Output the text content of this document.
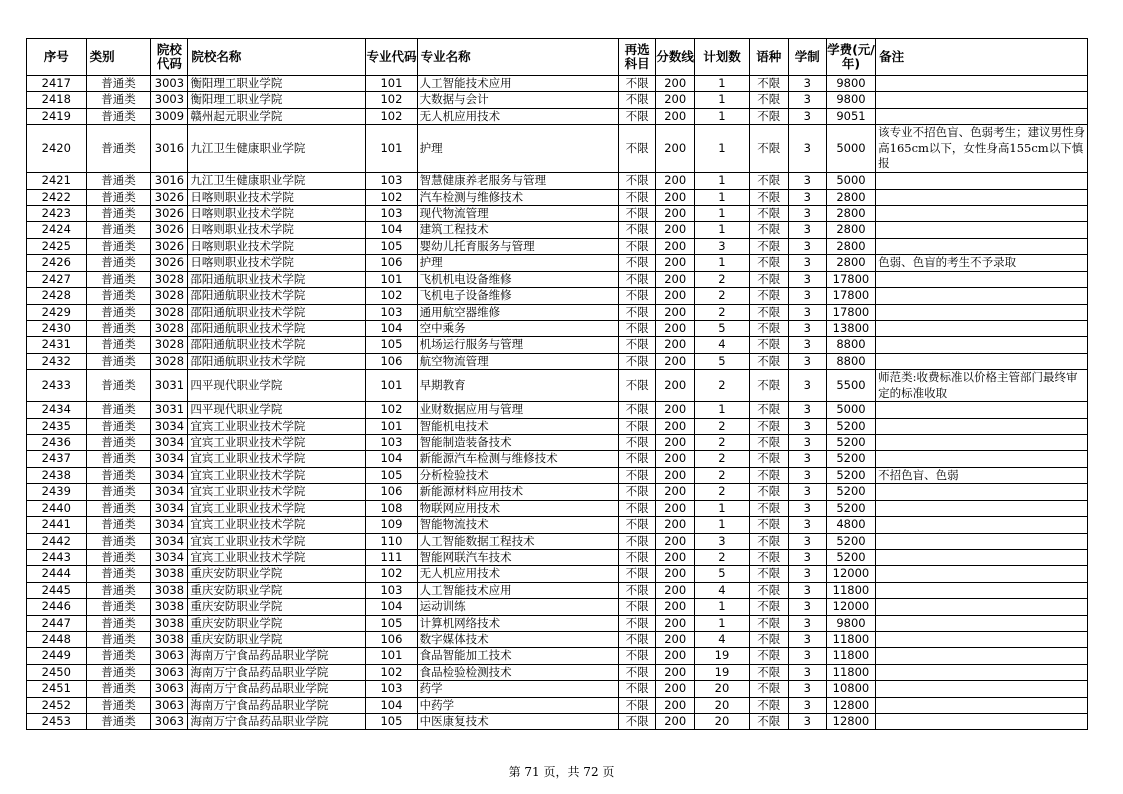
序号	类别	院校代码	院校名称	专业代码	专业名称	再选科目	分数线	计划数	语种	学制	学费(元/年)	备注
2417	普通类	3003	衡阳理工职业学院	101	人工智能技术应用	不限	200	1	不限	3	9800	
2418	普通类	3003	衡阳理工职业学院	102	大数据与会计	不限	200	1	不限	3	9800	
2419	普通类	3009	赣州起元职业学院	102	无人机应用技术	不限	200	1	不限	3	9051	
2420	普通类	3016	九江卫生健康职业学院	101	护理	不限	200	1	不限	3	5000	该专业不招色盲、色弱考生；建议男性身高165cm以下，女性身高155cm以下慎报
2421	普通类	3016	九江卫生健康职业学院	103	智慧健康养老服务与管理	不限	200	1	不限	3	5000	
2422	普通类	3026	日喀则职业技术学院	102	汽车检测与维修技术	不限	200	1	不限	3	2800	
2423	普通类	3026	日喀则职业技术学院	103	现代物流管理	不限	200	1	不限	3	2800	
2424	普通类	3026	日喀则职业技术学院	104	建筑工程技术	不限	200	1	不限	3	2800	
2425	普通类	3026	日喀则职业技术学院	105	婴幼儿托育服务与管理	不限	200	3	不限	3	2800	
2426	普通类	3026	日喀则职业技术学院	106	护理	不限	200	1	不限	3	2800	色弱、色盲的考生不予录取
2427	普通类	3028	邵阳通航职业技术学院	101	飞机机电设备维修	不限	200	2	不限	3	17800	
2428	普通类	3028	邵阳通航职业技术学院	102	飞机电子设备维修	不限	200	2	不限	3	17800	
2429	普通类	3028	邵阳通航职业技术学院	103	通用航空器维修	不限	200	2	不限	3	17800	
2430	普通类	3028	邵阳通航职业技术学院	104	空中乘务	不限	200	5	不限	3	13800	
2431	普通类	3028	邵阳通航职业技术学院	105	机场运行服务与管理	不限	200	4	不限	3	8800	
2432	普通类	3028	邵阳通航职业技术学院	106	航空物流管理	不限	200	5	不限	3	8800	
2433	普通类	3031	四平现代职业学院	101	早期教育	不限	200	2	不限	3	5500	师范类:收费标准以价格主管部门最终审定的标准收取
2434	普通类	3031	四平现代职业学院	102	业财数据应用与管理	不限	200	1	不限	3	5000	
2435	普通类	3034	宜宾工业职业技术学院	101	智能机电技术	不限	200	2	不限	3	5200	
2436	普通类	3034	宜宾工业职业技术学院	103	智能制造装备技术	不限	200	2	不限	3	5200	
2437	普通类	3034	宜宾工业职业技术学院	104	新能源汽车检测与维修技术	不限	200	2	不限	3	5200	
2438	普通类	3034	宜宾工业职业技术学院	105	分析检验技术	不限	200	2	不限	3	5200	不招色盲、色弱
2439	普通类	3034	宜宾工业职业技术学院	106	新能源材料应用技术	不限	200	2	不限	3	5200	
2440	普通类	3034	宜宾工业职业技术学院	108	物联网应用技术	不限	200	1	不限	3	5200	
2441	普通类	3034	宜宾工业职业技术学院	109	智能物流技术	不限	200	1	不限	3	4800	
2442	普通类	3034	宜宾工业职业技术学院	110	人工智能数据工程技术	不限	200	3	不限	3	5200	
2443	普通类	3034	宜宾工业职业技术学院	111	智能网联汽车技术	不限	200	2	不限	3	5200	
2444	普通类	3038	重庆安防职业学院	102	无人机应用技术	不限	200	5	不限	3	12000	
2445	普通类	3038	重庆安防职业学院	103	人工智能技术应用	不限	200	4	不限	3	11800	
2446	普通类	3038	重庆安防职业学院	104	运动训练	不限	200	1	不限	3	12000	
2447	普通类	3038	重庆安防职业学院	105	计算机网络技术	不限	200	1	不限	3	9800	
2448	普通类	3038	重庆安防职业学院	106	数字媒体技术	不限	200	4	不限	3	11800	
2449	普通类	3063	海南万宁食品药品职业学院	101	食品智能加工技术	不限	200	19	不限	3	11800	
2450	普通类	3063	海南万宁食品药品职业学院	102	食品检验检测技术	不限	200	19	不限	3	11800	
2451	普通类	3063	海南万宁食品药品职业学院	103	药学	不限	200	20	不限	3	10800	
2452	普通类	3063	海南万宁食品药品职业学院	104	中药学	不限	200	20	不限	3	12800	
2453	普通类	3063	海南万宁食品药品职业学院	105	中医康复技术	不限	200	20	不限	3	12800	
第 71 页，共 72 页
